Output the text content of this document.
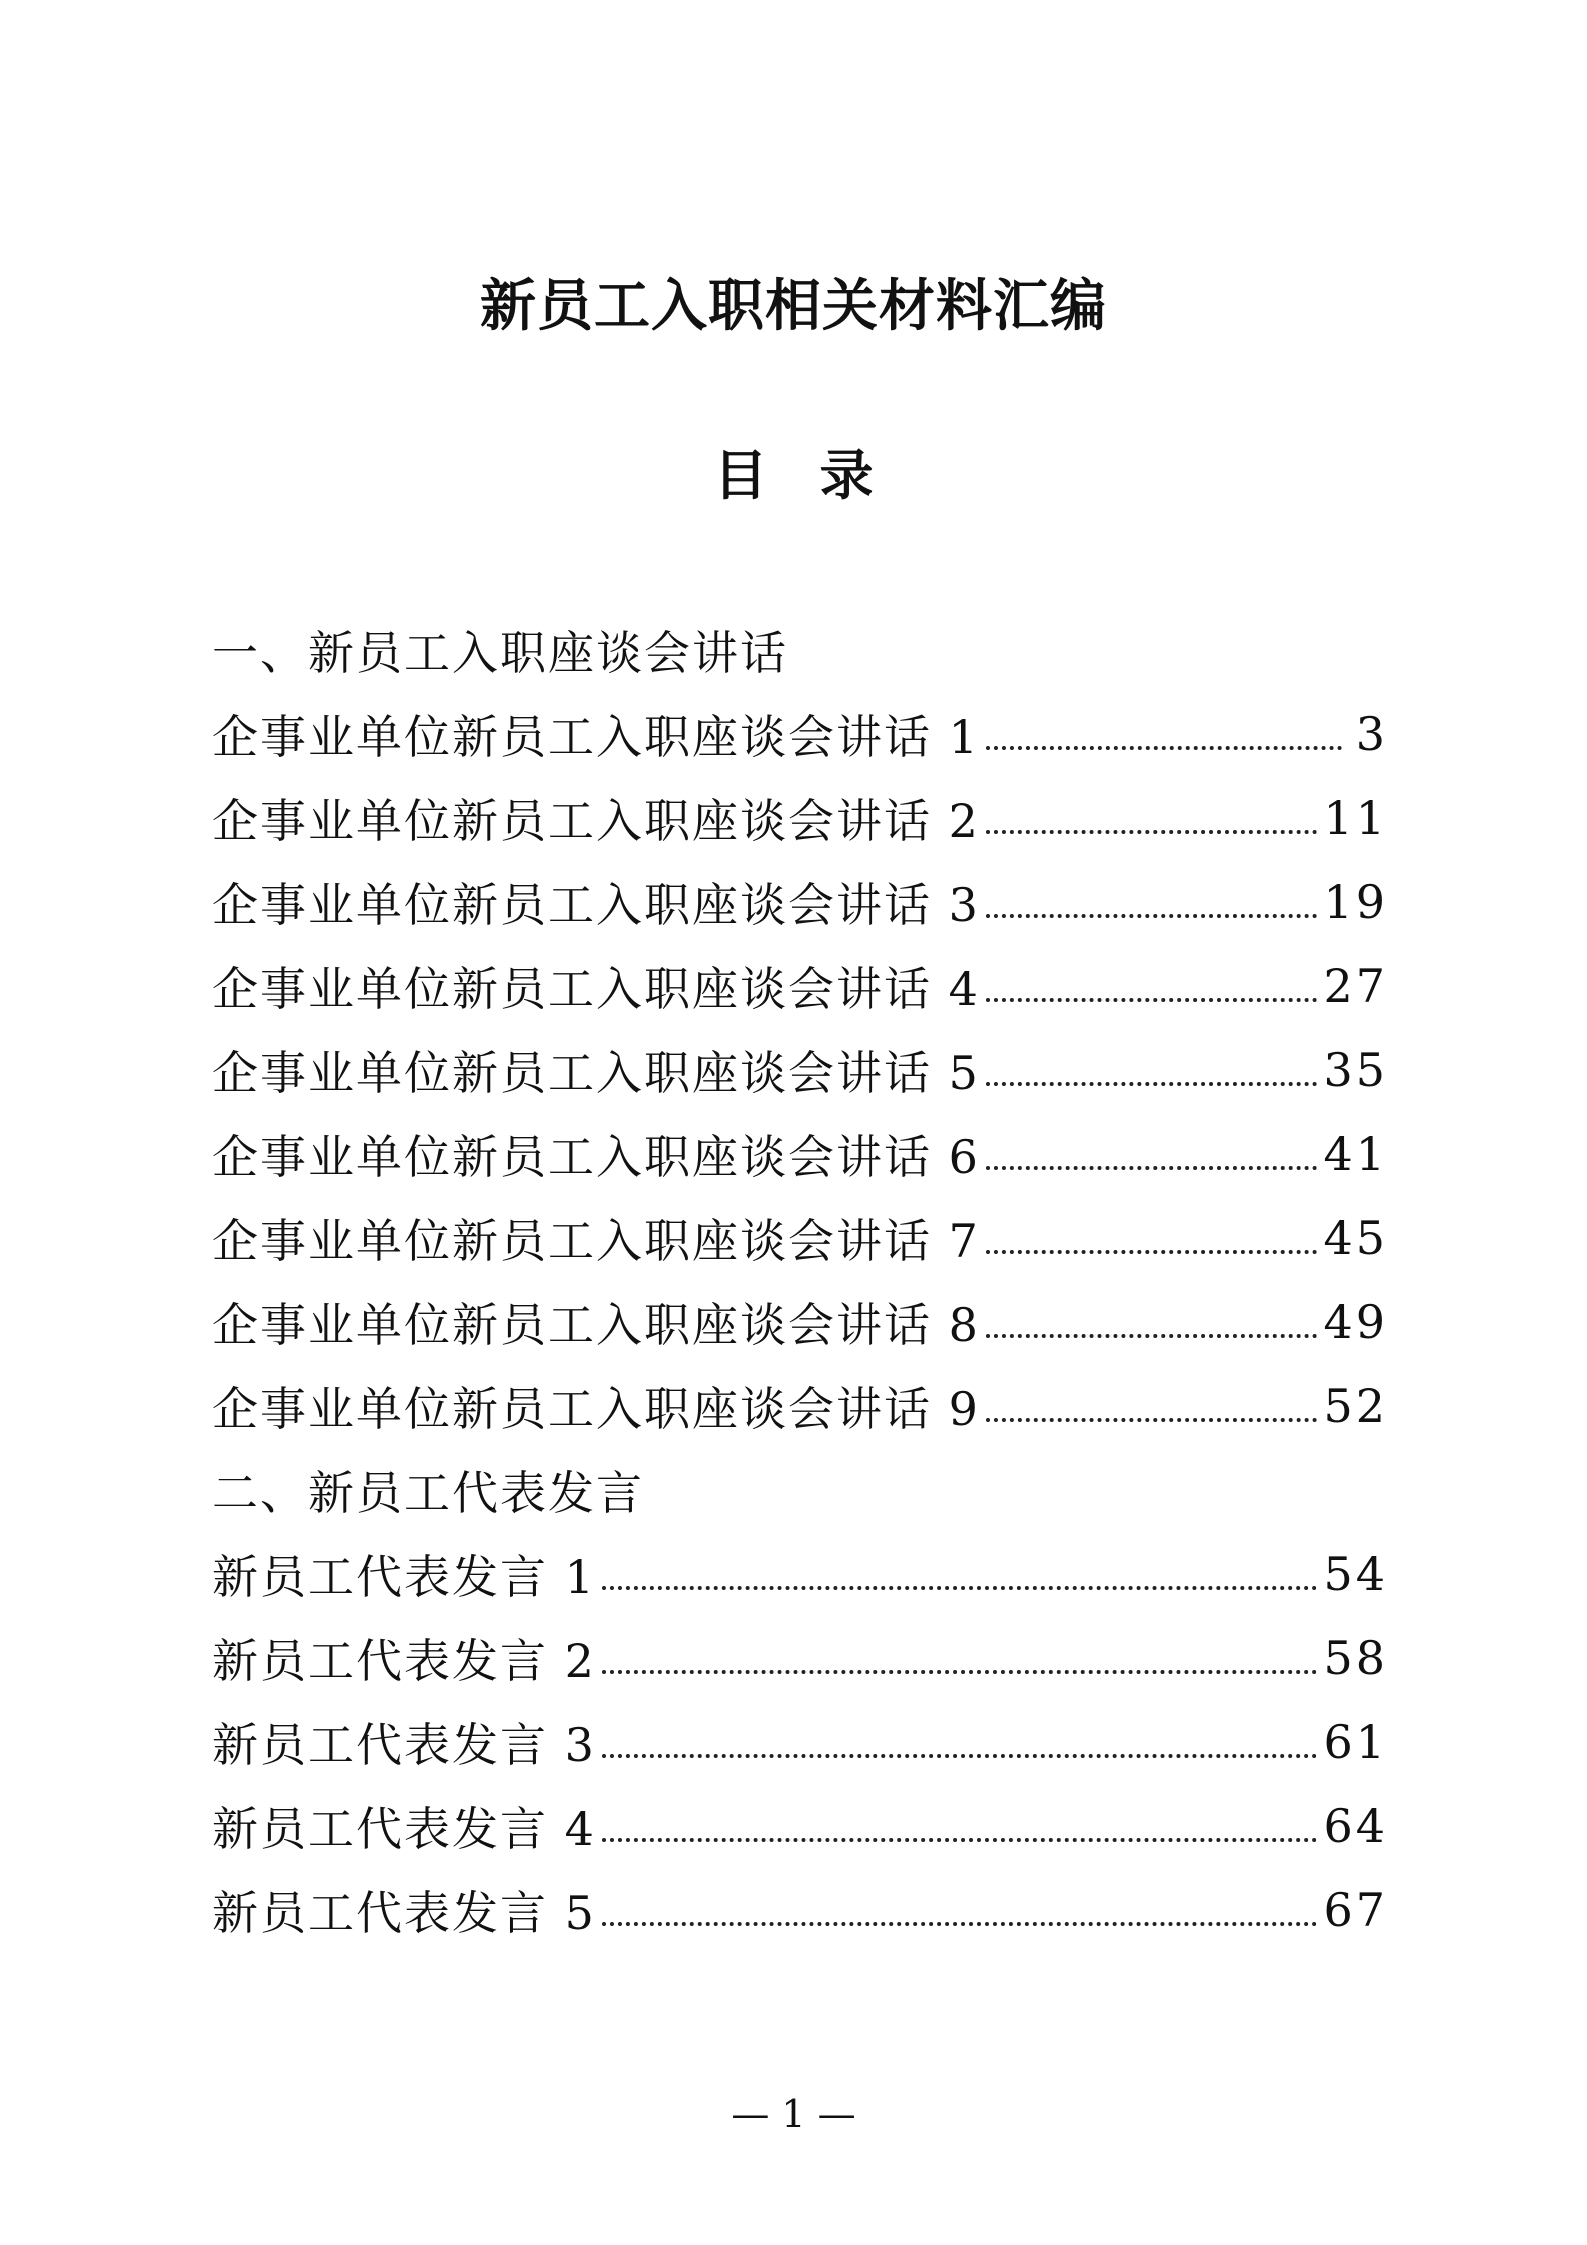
新员工入职相关材料汇编
目录
一、新员工入职座谈会讲话
企事业单位新员工入职座谈会讲话 1	3
企事业单位新员工入职座谈会讲话 2	11
企事业单位新员工入职座谈会讲话 3	19
企事业单位新员工入职座谈会讲话 4	27
企事业单位新员工入职座谈会讲话 5	35
企事业单位新员工入职座谈会讲话 6	41
企事业单位新员工入职座谈会讲话 7	45
企事业单位新员工入职座谈会讲话 8	49
企事业单位新员工入职座谈会讲话 9	52
二、新员工代表发言
新员工代表发言 1	54
新员工代表发言 2	58
新员工代表发言 3	61
新员工代表发言 4	64
新员工代表发言 5	67
— 1 —
